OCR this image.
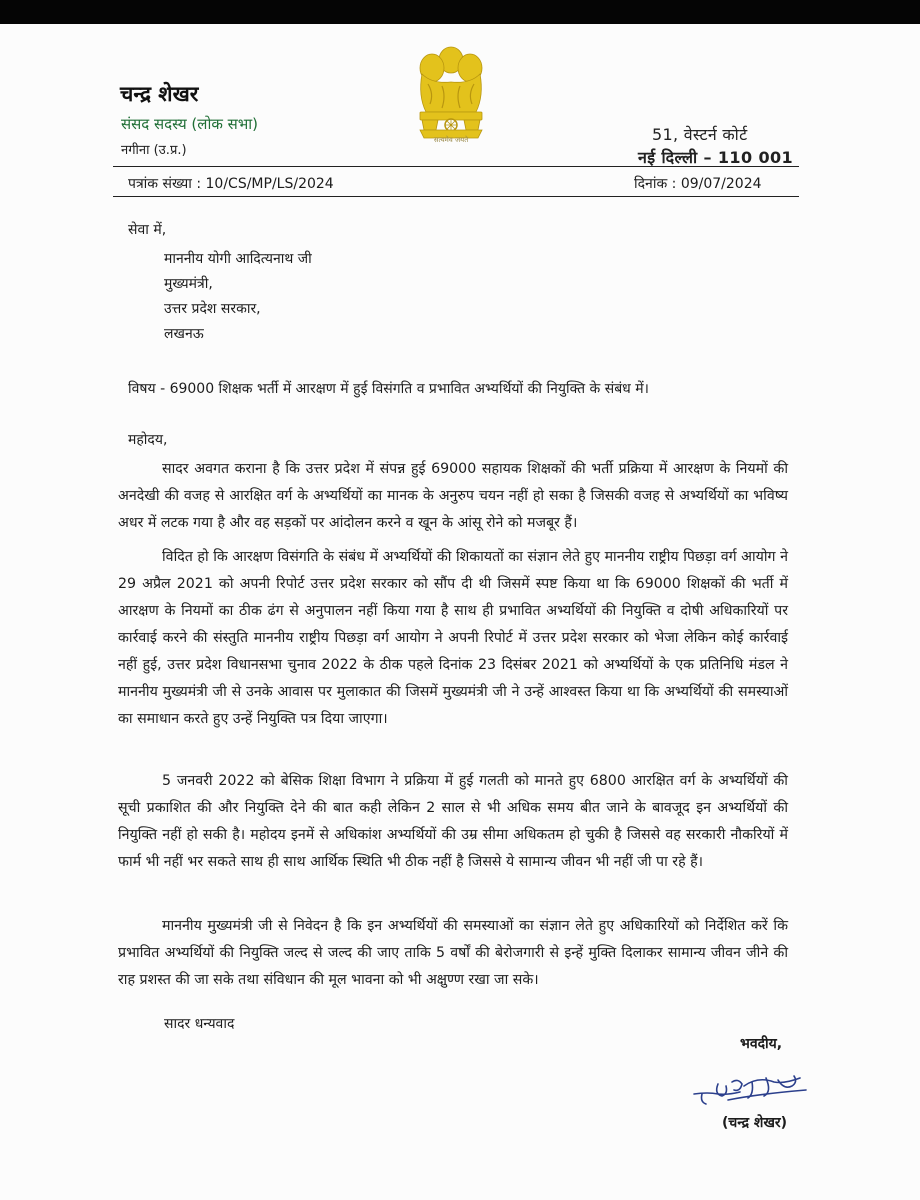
चन्द्र शेखर
संसद सदस्य (लोक सभा)
नगीना (उ.प्र.)
सत्यमेव जयते	51, वेस्टर्न कोर्ट
नई दिल्ली – 110 001
पत्रांक संख्या : 10/CS/MP/LS/2024	दिनांक : 09/07/2024
सेवा में,
माननीय योगी आदित्यनाथ जी
मुख्यमंत्री,
उत्तर प्रदेश सरकार,
लखनऊ
विषय - 69000 शिक्षक भर्ती में आरक्षण में हुई विसंगति व प्रभावित अभ्यर्थियों की नियुक्ति के संबंध में।
महोदय,

सादर अवगत कराना है कि उत्तर प्रदेश में संपन्न हुई 69000 सहायक शिक्षकों की भर्ती प्रक्रिया में आरक्षण के नियमों की अनदेखी की वजह से आरक्षित वर्ग के अभ्यर्थियों का मानक के अनुरुप चयन नहीं हो सका है जिसकी वजह से अभ्यर्थियों का भविष्य अधर में लटक गया है और वह सड़कों पर आंदोलन करने व खून के आंसू रोने को मजबूर हैं।

विदित हो कि आरक्षण विसंगति के संबंध में अभ्यर्थियों की शिकायतों का संज्ञान लेते हुए माननीय राष्ट्रीय पिछड़ा वर्ग आयोग ने 29 अप्रैल 2021 को अपनी रिपोर्ट उत्तर प्रदेश सरकार को सौंप दी थी जिसमें स्पष्ट किया था कि 69000 शिक्षकों की भर्ती में आरक्षण के नियमों का ठीक ढंग से अनुपालन नहीं किया गया है साथ ही प्रभावित अभ्यर्थियों की नियुक्ति व दोषी अधिकारियों पर कार्रवाई करने की संस्तुति माननीय राष्ट्रीय पिछड़ा वर्ग आयोग ने अपनी रिपोर्ट में उत्तर प्रदेश सरकार को भेजा लेकिन कोई कार्रवाई नहीं हुई, उत्तर प्रदेश विधानसभा चुनाव 2022 के ठीक पहले दिनांक 23 दिसंबर 2021 को अभ्यर्थियों के एक प्रतिनिधि मंडल ने माननीय मुख्यमंत्री जी से उनके आवास पर मुलाकात की जिसमें मुख्यमंत्री जी ने उन्हें आश्वस्त किया था कि अभ्यर्थियों की समस्याओं का समाधान करते हुए उन्हें नियुक्ति पत्र दिया जाएगा।

5 जनवरी 2022 को बेसिक शिक्षा विभाग ने प्रक्रिया में हुई गलती को मानते हुए 6800 आरक्षित वर्ग के अभ्यर्थियों की सूची प्रकाशित की और नियुक्ति देने की बात कही लेकिन 2 साल से भी अधिक समय बीत जाने के बावजूद इन अभ्यर्थियों की नियुक्ति नहीं हो सकी है। महोदय इनमें से अधिकांश अभ्यर्थियों की उम्र सीमा अधिकतम हो चुकी है जिससे वह सरकारी नौकरियों में फार्म भी नहीं भर सकते साथ ही साथ आर्थिक स्थिति भी ठीक नहीं है जिससे ये सामान्य जीवन भी नहीं जी पा रहे हैं।

माननीय मुख्यमंत्री जी से निवेदन है कि इन अभ्यर्थियों की समस्याओं का संज्ञान लेते हुए अधिकारियों को निर्देशित करें कि प्रभावित अभ्यर्थियों की नियुक्ति जल्द से जल्द की जाए ताकि 5 वर्षों की बेरोजगारी से इन्हें मुक्ति दिलाकर सामान्य जीवन जीने की राह प्रशस्त की जा सके तथा संविधान की मूल भावना को भी अक्षुण्ण रखा जा सके।

सादर धन्यवाद
भवदीय,
(चन्द्र शेखर)
